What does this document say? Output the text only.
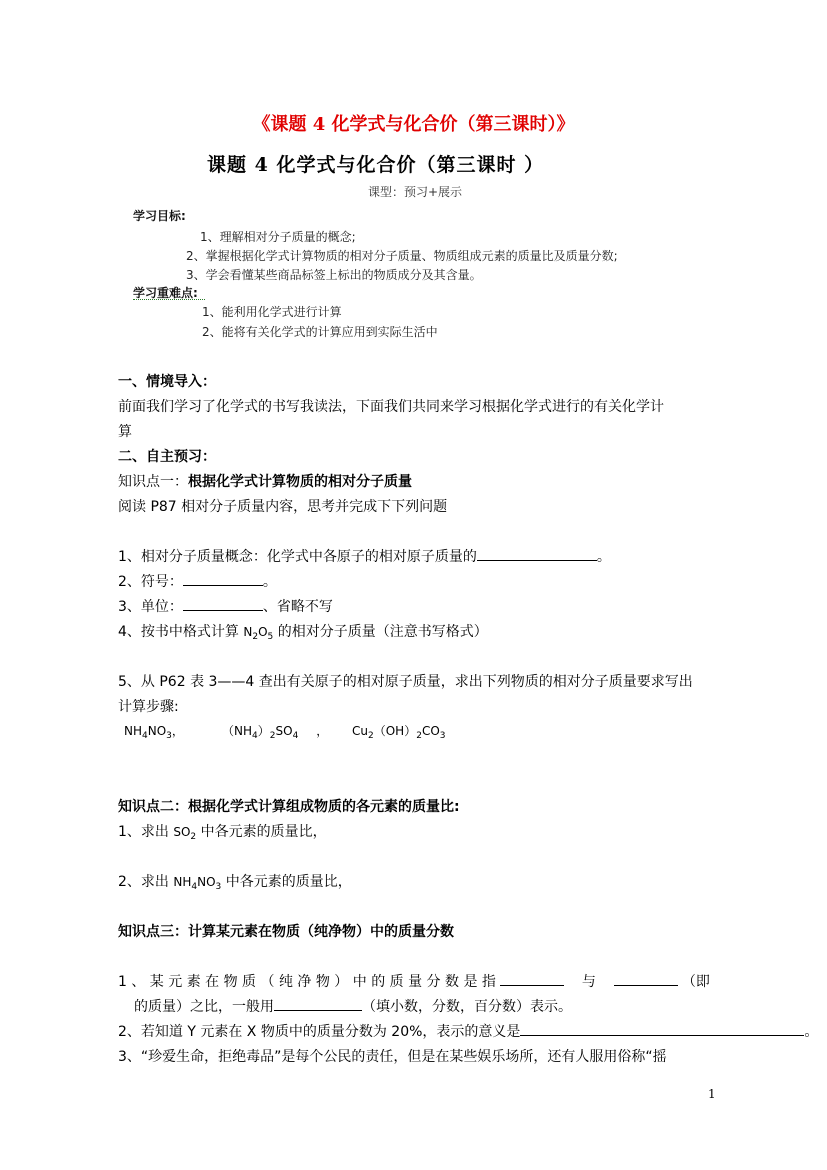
《课题 4 化学式与化合价（第三课时）》
课题 4 化学式与化合价（第三课时 ）
课型：预习+展示
学习目标:
1、理解相对分子质量的概念;
2、掌握根据化学式计算物质的相对分子质量、物质组成元素的质量比及质量分数;
3、学会看懂某些商品标签上标出的物质成分及其含量。
学习重难点:
1、能利用化学式进行计算
2、能将有关化学式的计算应用到实际生活中
一、情境导入：
前面我们学习了化学式的书写我读法，下面我们共同来学习根据化学式进行的有关化学计
算
二、自主预习：
知识点一：根据化学式计算物质的相对分子质量
阅读 P87 相对分子质量内容，思考并完成下下列问题
1、相对分子质量概念：化学式中各原子的相对原子质量的	。
2、符号：	。
3、单位：	、省略不写
4、按书中格式计算 $N_2O_5$ 的相对分子质量（注意书写格式）
5、从 P62 表 3——4 查出有关原子的相对原子质量，求出下列物质的相对分子质量要求写出
计算步骤:
$NH_4NO_3$，	$(NH_4)_2SO_4$ ， $Cu_2(OH)_2CO_3$
知识点二：根据化学式计算组成物质的各元素的质量比:
1、求出 $SO_2$ 中各元素的质量比，
2、求出 $NH_4NO_3$ 中各元素的质量比，
知识点三：计算某元素在物质（纯净物）中的质量分数
1 、 某 元 素 在 物 质 （ 纯 净 物 ） 中 的 质 量 分 数 是 指	与	（即
的质量）之比，一般用	（填小数，分数，百分数）表示。
2、若知道 Y 元素在 X 物质中的质量分数为 20%，表示的意义是	。
3、“珍爱生命，拒绝毒品”是每个公民的责任，但是在某些娱乐场所，还有人服用俗称“摇
1
